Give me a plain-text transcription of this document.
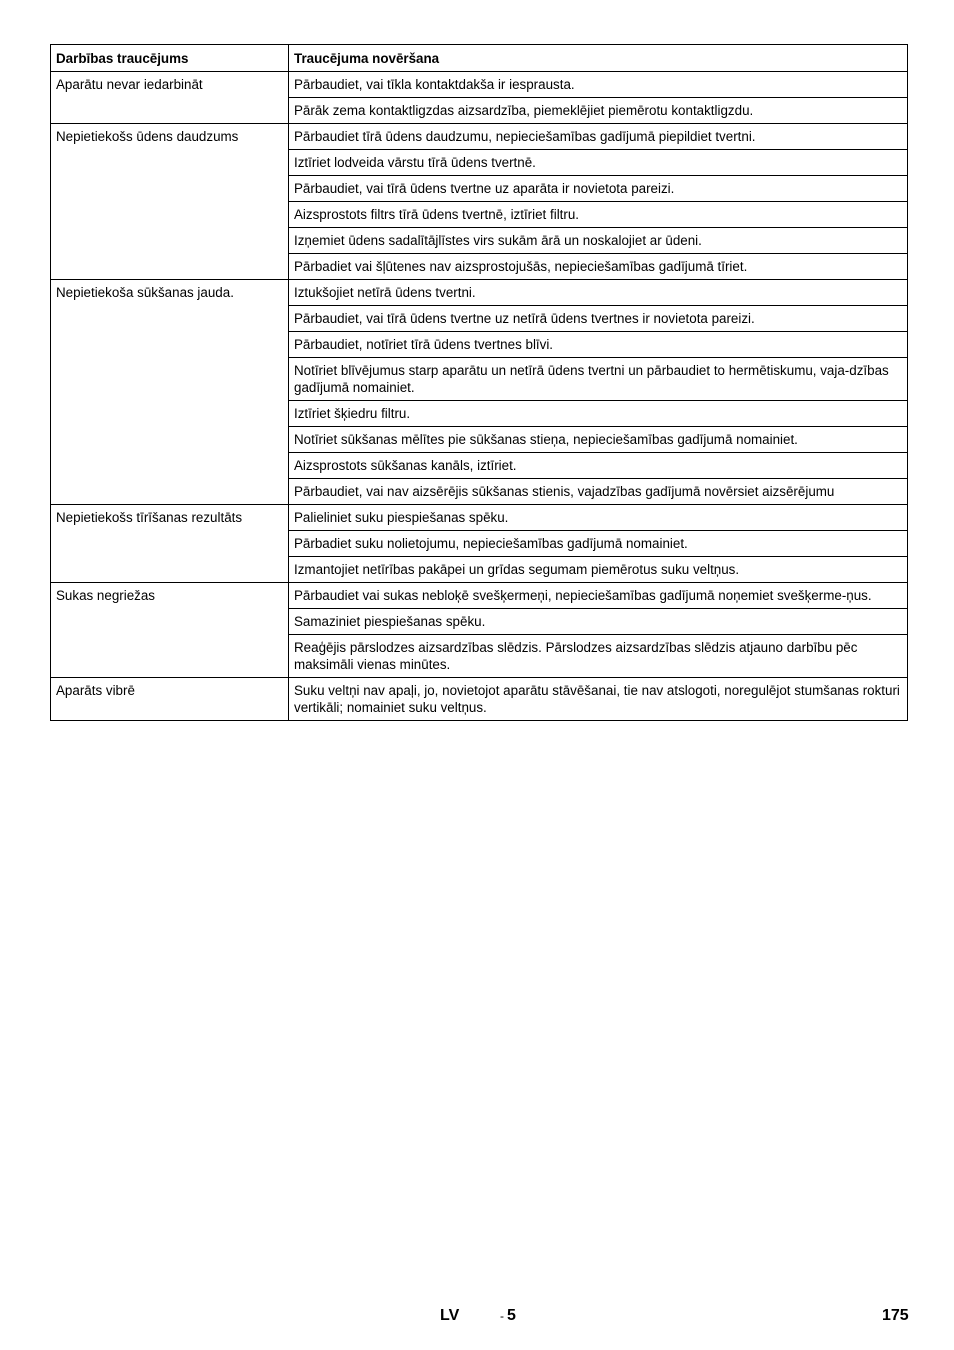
Darbības traucējums	Traucējuma novēršana
Aparātu nevar iedarbināt	Pārbaudiet, vai tīkla kontaktdakša ir iesprausta.
	Pārāk zema kontaktligzdas aizsardzība, piemeklējiet piemērotu kontaktligzdu.
Nepietiekošs ūdens daudzums	Pārbaudiet tīrā ūdens daudzumu, nepieciešamības gadījumā piepildiet tvertni.
	Iztīriet lodveida vārstu tīrā ūdens tvertnē.
	Pārbaudiet, vai tīrā ūdens tvertne uz aparāta ir novietota pareizi.
	Aizsprostots filtrs tīrā ūdens tvertnē, iztīriet filtru.
	Izņemiet ūdens sadalītājlīstes virs sukām ārā un noskalojiet ar ūdeni.
	Pārbadiet vai šļūtenes nav aizsprostojušās, nepieciešamības gadījumā tīriet.
Nepietiekoša sūkšanas jauda.	Iztukšojiet netīrā ūdens tvertni.
	Pārbaudiet, vai tīrā ūdens tvertne uz netīrā ūdens tvertnes ir novietota pareizi.
	Pārbaudiet, notīriet tīrā ūdens tvertnes blīvi.
	Notīriet blīvējumus starp aparātu un netīrā ūdens tvertni un pārbaudiet to hermētiskumu, vaja-dzības gadījumā nomainiet.
	Iztīriet šķiedru filtru.
	Notīriet sūkšanas mēlītes pie sūkšanas stieņa, nepieciešamības gadījumā nomainiet.
	Aizsprostots sūkšanas kanāls, iztīriet.
	Pārbaudiet, vai nav aizsērējis sūkšanas stienis, vajadzības gadījumā novērsiet aizsērējumu
Nepietiekošs tīrīšanas rezultāts	Palieliniet suku piespiešanas spēku.
	Pārbadiet suku nolietojumu, nepieciešamības gadījumā nomainiet.
	Izmantojiet netīrības pakāpei un grīdas segumam piemērotus suku veltņus.
Sukas negriežas	Pārbaudiet vai sukas nebloķē svešķermeņi, nepieciešamības gadījumā noņemiet svešķerme-ņus.
	Samaziniet piespiešanas spēku.
	Reaģējis pārslodzes aizsardzības slēdzis. Pārslodzes aizsardzības slēdzis atjauno darbību pēc maksimāli vienas minūtes.
Aparāts vibrē	Suku veltņi nav apaļi, jo, novietojot aparātu stāvēšanai, tie nav atslogoti, noregulējot stumšanas rokturi vertikāli; nomainiet suku veltņus.
LV	- 5	175
